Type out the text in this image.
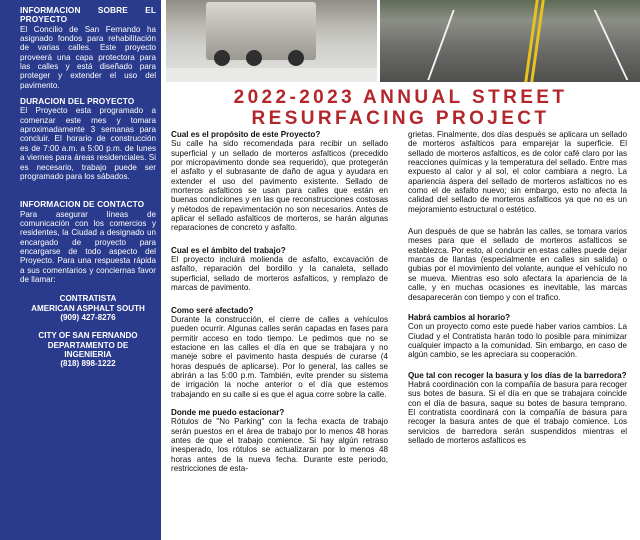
INFORMACION SOBRE EL PROYECTO

El Concilio de San Fernando ha asignado fondos para rehabilitación de varias calles. Este proyecto proveerá una capa protectora para las calles y está diseñado para proteger y extender el uso del pavimento.

DURACION DEL PROYECTO

El Proyecto esta programado a comenzar este mes y tomara aproximadamente 3 semanas para concluir. El horario de construcción es de 7:00 a.m. a 5:00 p.m. de lunes a viernes para áreas residenciales. Si es necesario, trabajo puede ser programado para los sábados.

INFORMACION DE CONTACTO

Para asegurar líneas de comunicación con los comercios y residentes, la Ciudad a designado un encargado de proyecto para encargarse de todo aspecto del Proyecto. Para una respuesta rápida a sus comentarios y conciernas favor de llamar:

CONTRATISTA

AMERICAN ASPHALT SOUTH

(909) 427-8276

CITY OF SAN FERNANDO

DEPARTAMENTO DE

INGENIERIA

(818) 898-1222

2022-2023 ANNUAL STREET
RESURFACING PROJECT
Cual es el propósito de este Proyecto?

Su calle ha sido recomendada para recibir un sellado superficial y un sellado de morteros asfalticos (precedido por micropavimento donde sea requerido), que protegerán el asfalto y el subrasante de daño de agua y ayudara en extender el uso del pavimento existente. Sellado de morteros asfalticos se usan para calles que están en buenas condiciones y en las que reconstrucciones costosas y métodos de repavimentación no son necesarios. Antes de aplicar el sellado asfalticos de morteros, se harán algunas reparaciones de concreto y asfalto.

Cual es el ámbito del trabajo?

El proyecto incluirá molienda de asfalto, excavación de asfalto, reparación del bordillo y la canaleta, sellado superficial, sellado de morteros asfalticos, y remplazo de marcas de pavimento.

Como seré afectado?

Durante la construcción, el cierre de calles a vehículos pueden ocurrir. Algunas calles serán capadas en fases para permitir acceso en todo tiempo. Le pedimos que no se estacione en las calles el día en que se trabajara y no maneje sobre el pavimento hasta después de curarse (4 horas después de aplicarse). Por lo general, las calles se abrirán a las 5:00 p.m. También, evite prender su sistema de irrigación la noche anterior o el día que estemos trabajando en su calle si es que el agua corre sobre la calle.

Donde me puedo estacionar?

Rótulos de "No Parking" con la fecha exacta de trabajo serán puestos en el área de trabajo por lo menos 48 horas antes de que el trabajo comience. Si hay algún retraso inesperado, los rótulos se actualizaran por lo menos 48 horas antes de la nueva fecha. Durante este periodo, restricciones de esta-

grietas. Finalmente, dos días después se aplicara un sellado de morteros asfalticos para emparejar la superficie. El sellado de morteros asfalticos, es de color café claro por las reacciones químicas y la temperatura del sellado. Entre mas expuesto al calor y al sol, el color cambiara a negro. La apariencia áspera del sellado de morteros asfalticos no es como el de asfalto nuevo; sin embargo, esto no afecta la calidad del sellado de morteros asfalticos ya que no es un mejoramiento estructural o estético.

Aun después de que se habrán las calles, se tomara varios meses para que el sellado de morteros asfalticos se establezca. Por esto, al conducir en estas calles puede dejar marcas de llantas (especialmente en calles sin salida) o gubias por el movimiento del volante, aunque el vehículo no se mueva. Mientras eso solo afectara la apariencia de la calle, y en muchas ocasiones es inevitable, las marcas desaparecerán con tiempo y con el trafico.

Habrá cambios al horario?

Con un proyecto como este puede haber varios cambios. La Ciudad y el Contratista harán todo lo posible para minimizar cualquier impacto a la comunidad. Sin embargo, en caso de algún cambio, se les apreciara su cooperación.

Que tal con recoger la basura y los días de la barredora?

Habrá coordinación con la compañía de basura para recoger sus botes de basura. Si el día en que se trabajara coincide con el día de basura, saque su botes de basura temprano. El contratista coordinará con la compañía de basura para recoger la basura antes de que el trabajo comience. Los servicios de barredora serán suspendidos mientras el sellado de morteros asfalticos es
